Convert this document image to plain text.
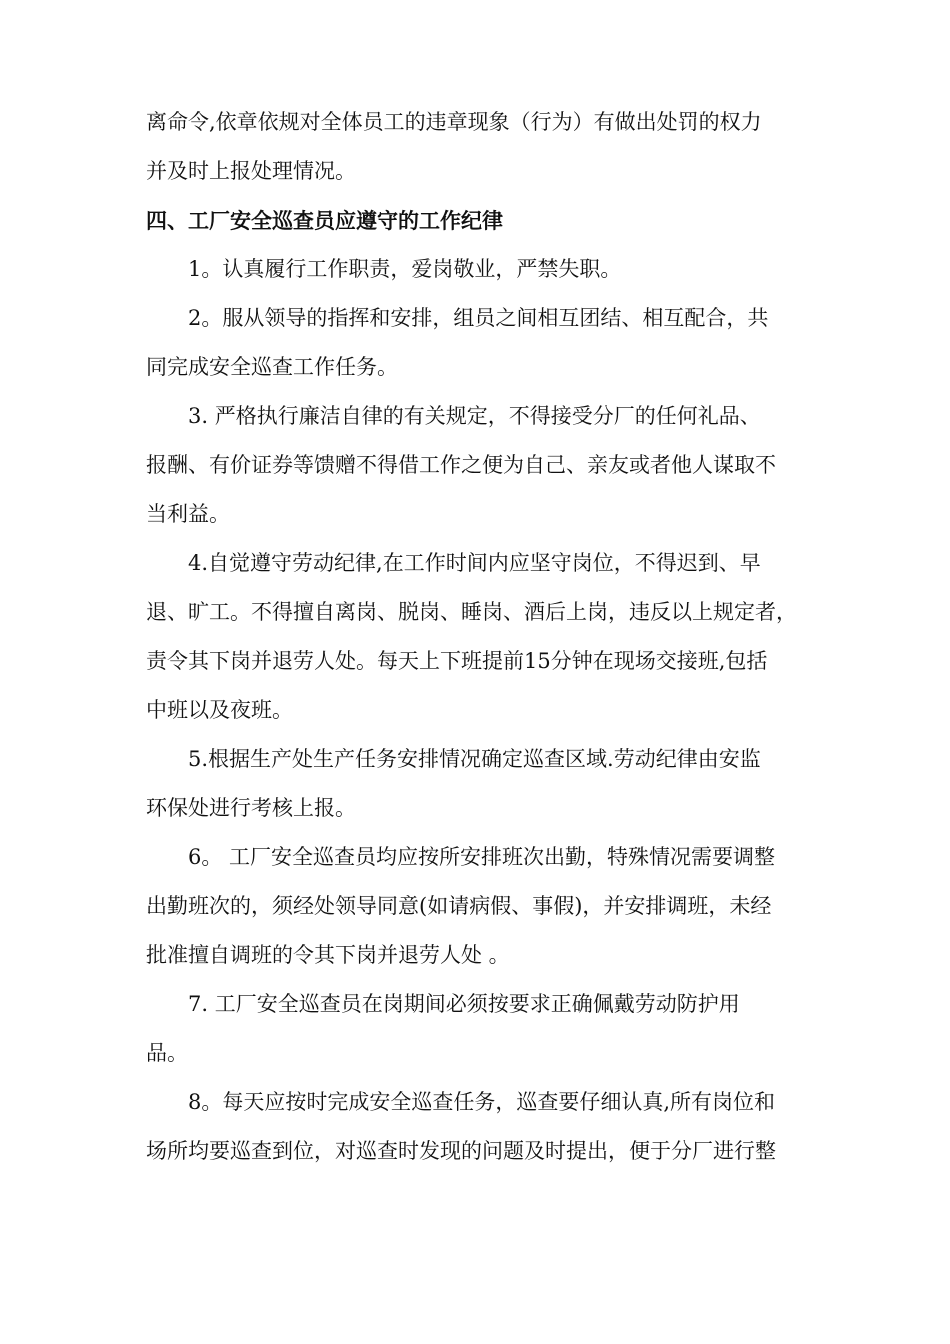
离命令,依章依规对全体员工的违章现象（行为）有做出处罚的权力
并及时上报处理情况。
四、工厂安全巡查员应遵守的工作纪律
1。认真履行工作职责，爱岗敬业，严禁失职。
2。服从领导的指挥和安排，组员之间相互团结、相互配合，共
同完成安全巡查工作任务。
3. 严格执行廉洁自律的有关规定，不得接受分厂的任何礼品、
报酬、有价证券等馈赠不得借工作之便为自己、亲友或者他人谋取不
当利益。
4.自觉遵守劳动纪律,在工作时间内应坚守岗位，不得迟到、早
退、旷工。不得擅自离岗、脱岗、睡岗、酒后上岗，违反以上规定者，
责令其下岗并退劳人处。每天上下班提前15分钟在现场交接班,包括
中班以及夜班。
5.根据生产处生产任务安排情况确定巡查区域.劳动纪律由安监
环保处进行考核上报。
6。 工厂安全巡查员均应按所安排班次出勤，特殊情况需要调整
出勤班次的，须经处领导同意(如请病假、事假)，并安排调班，未经
批准擅自调班的令其下岗并退劳人处 。
7. 工厂安全巡查员在岗期间必须按要求正确佩戴劳动防护用
品。
8。每天应按时完成安全巡查任务，巡查要仔细认真,所有岗位和
场所均要巡查到位，对巡查时发现的问题及时提出，便于分厂进行整
